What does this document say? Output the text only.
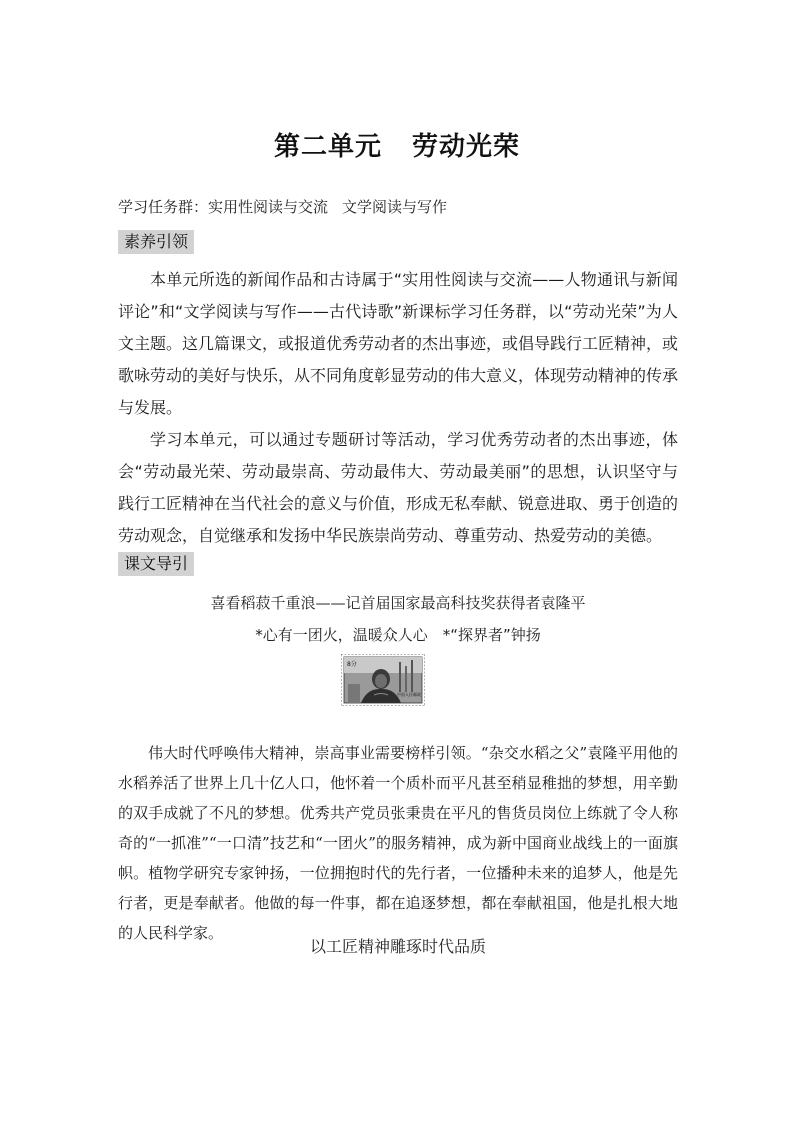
第二单元 劳动光荣
学习任务群：实用性阅读与交流 文学阅读与写作
素养引领
本单元所选的新闻作品和古诗属于“实用性阅读与交流——人物通讯与新闻评论”和“文学阅读与写作——古代诗歌”新课标学习任务群，以“劳动光荣”为人文主题。这几篇课文，或报道优秀劳动者的杰出事迹，或倡导践行工匠精神，或歌咏劳动的美好与快乐，从不同角度彰显劳动的伟大意义，体现劳动精神的传承与发展。
学习本单元，可以通过专题研讨等活动，学习优秀劳动者的杰出事迹，体会“劳动最光荣、劳动最崇高、劳动最伟大、劳动最美丽”的思想，认识坚守与践行工匠精神在当代社会的意义与价值，形成无私奉献、锐意进取、勇于创造的劳动观念，自觉继承和发扬中华民族崇尚劳动、尊重劳动、热爱劳动的美德。
课文导引
喜看稻菽千重浪——记首届国家最高科技奖获得者袁隆平
*心有一团火，温暖众人心　*“探界者”钟扬
8分
中国人民邮政
伟大时代呼唤伟大精神，崇高事业需要榜样引领。“杂交水稻之父”袁隆平用他的水稻养活了世界上几十亿人口，他怀着一个质朴而平凡甚至稍显稚拙的梦想，用辛勤的双手成就了不凡的梦想。优秀共产党员张秉贵在平凡的售货员岗位上练就了令人称奇的“一抓准”“一口清”技艺和“一团火”的服务精神，成为新中国商业战线上的一面旗帜。植物学研究专家钟扬，一位拥抱时代的先行者，一位播种未来的追梦人，他是先行者，更是奉献者。他做的每一件事，都在追逐梦想，都在奉献祖国，他是扎根大地的人民科学家。
以工匠精神雕琢时代品质
